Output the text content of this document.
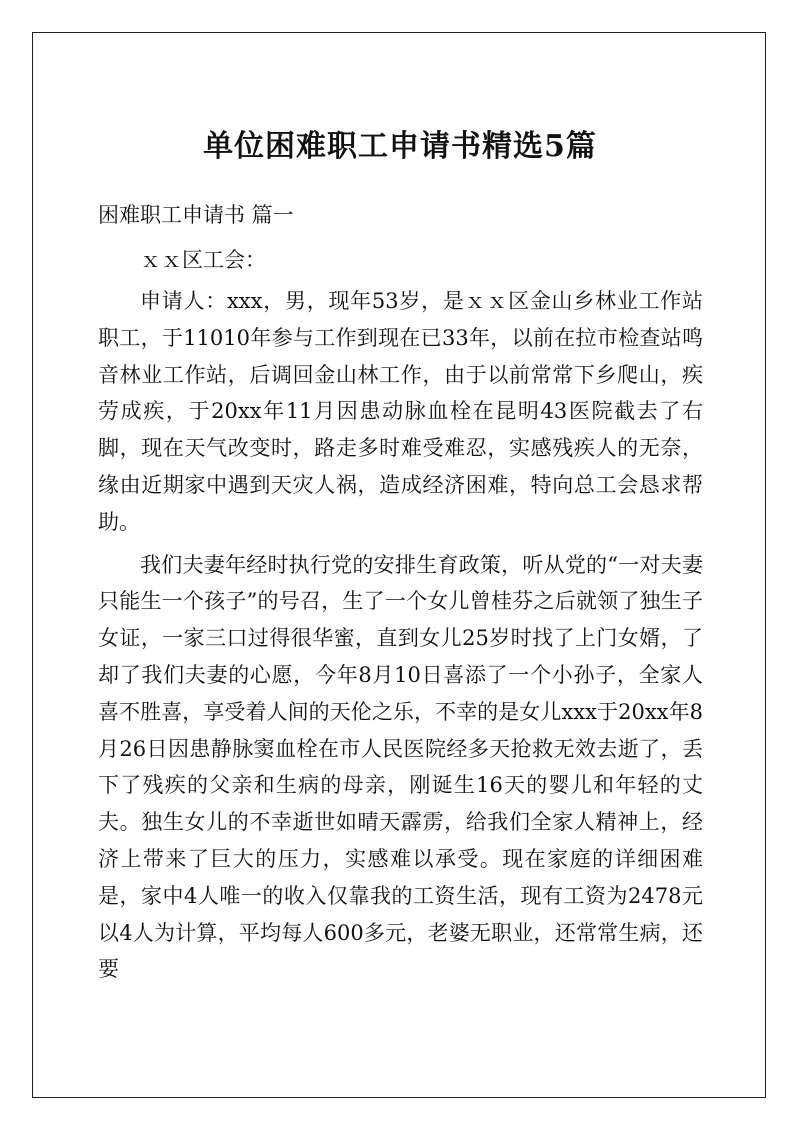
单位困难职工申请书精选5篇
困难职工申请书 篇一
ｘｘ区工会：

申请人：xxx，男，现年53岁，是ｘｘ区金山乡林业工作站职工，于11010年参与工作到现在已33年，以前在拉市检查站鸣音林业工作站，后调回金山林工作，由于以前常常下乡爬山，疾劳成疾，于20xx年11月因患动脉血栓在昆明43医院截去了右脚，现在天气改变时，路走多时难受难忍，实感残疾人的无奈，缘由近期家中遇到天灾人祸，造成经济困难，特向总工会恳求帮助。

我们夫妻年经时执行党的安排生育政策，听从党的“一对夫妻只能生一个孩子”的号召，生了一个女儿曾桂芬之后就领了独生子女证，一家三口过得很华蜜，直到女儿25岁时找了上门女婿，了却了我们夫妻的心愿，今年8月10日喜添了一个小孙子，全家人喜不胜喜，享受着人间的天伦之乐，不幸的是女儿xxx于20xx年8月26日因患静脉窦血栓在市人民医院经多天抢救无效去逝了，丢下了残疾的父亲和生病的母亲，刚诞生16天的婴儿和年轻的丈夫。独生女儿的不幸逝世如晴天霹雳，给我们全家人精神上，经济上带来了巨大的压力，实感难以承受。现在家庭的详细困难是，家中4人唯一的收入仅靠我的工资生活，现有工资为2478元以4人为计算，平均每人600多元，老婆无职业，还常常生病，还要
